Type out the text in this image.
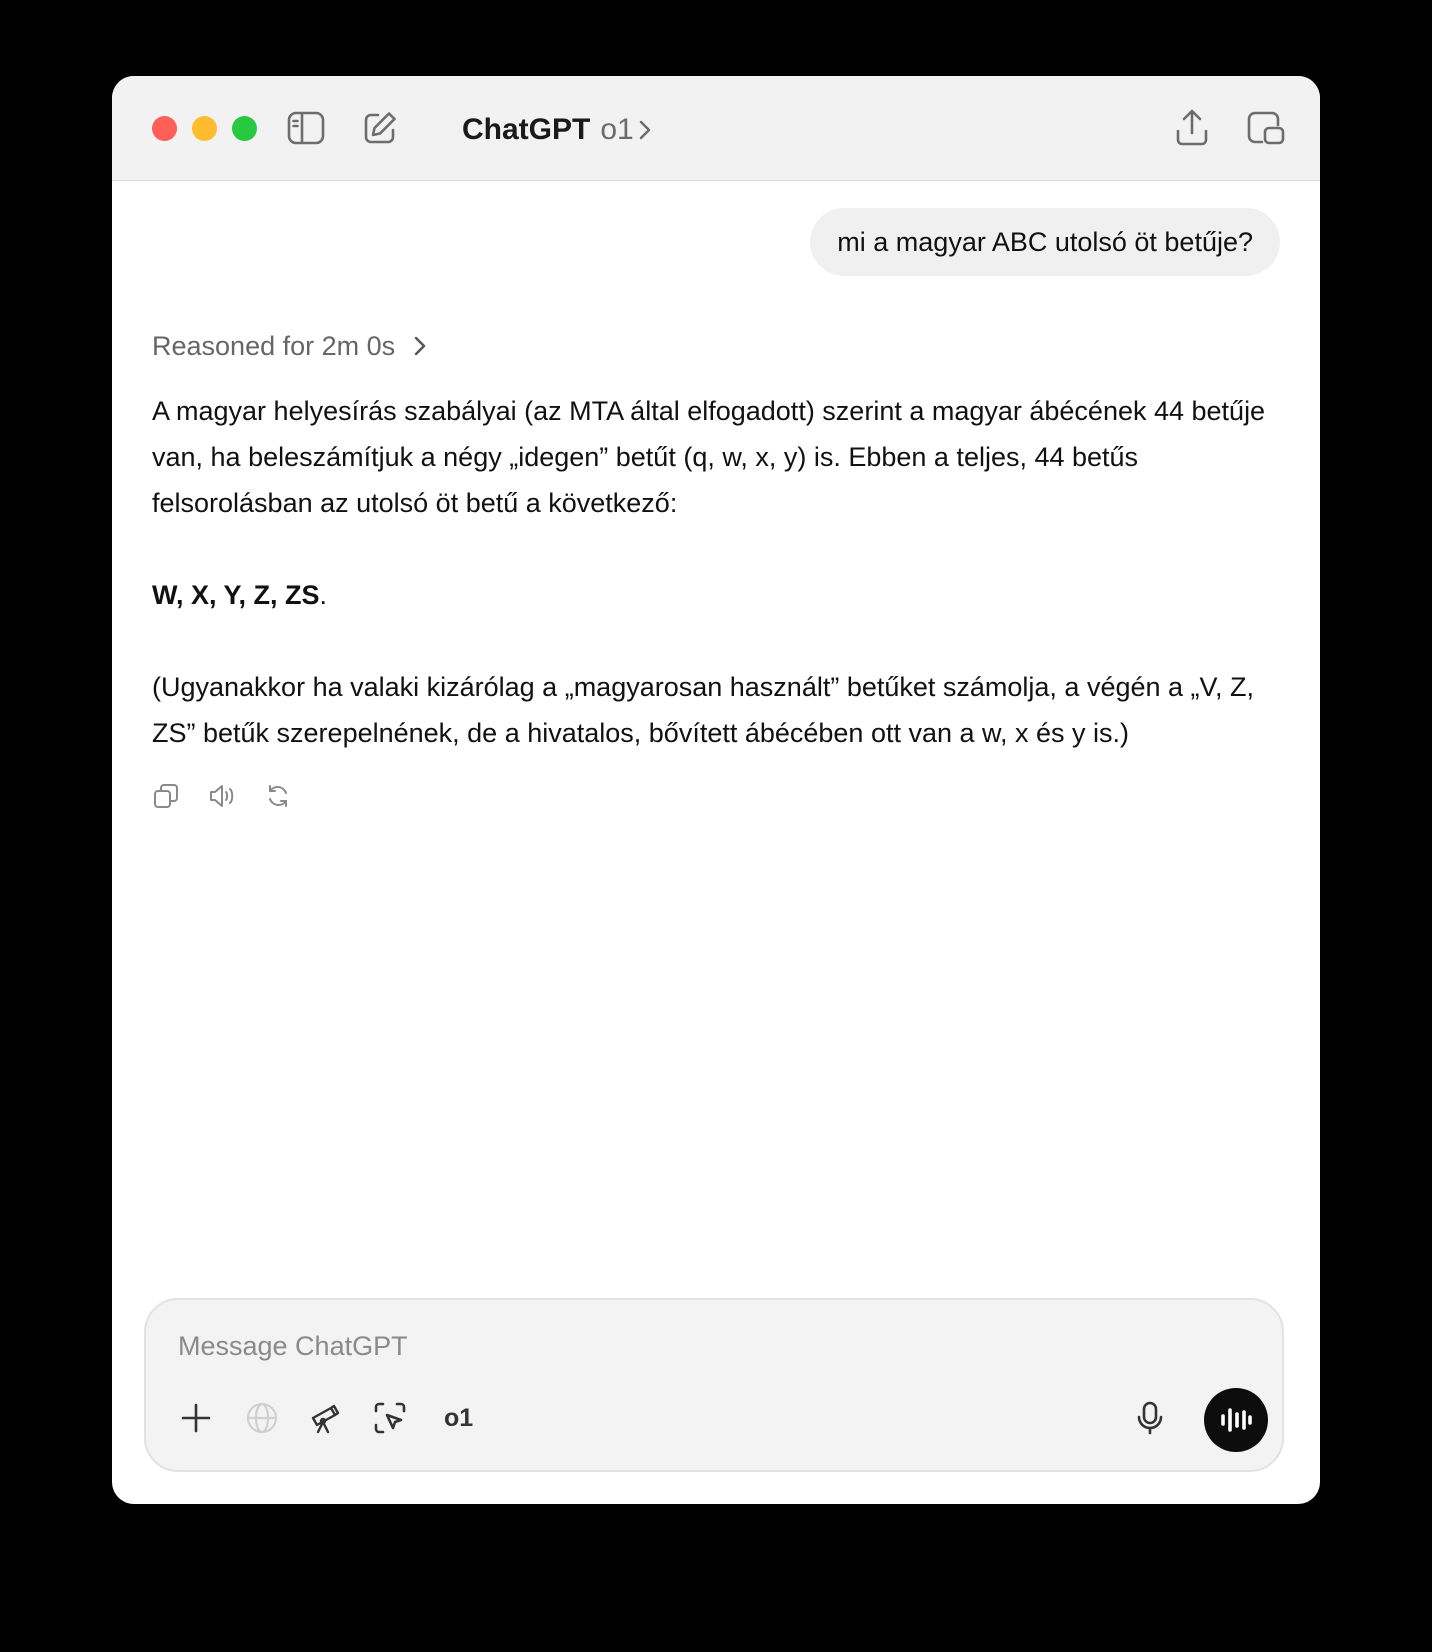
ChatGPT o1
mi a magyar ABC utolsó öt betűje?
Reasoned for 2m 0s

A magyar helyesírás szabályai (az MTA által elfogadott) szerint a magyar ábécének 44 betűje van, ha beleszámítjuk a négy „idegen” betűt (q, w, x, y) is. Ebben a teljes, 44 betűs felsorolásban az utolsó öt betű a következő:

W, X, Y, Z, ZS.

(Ugyanakkor ha valaki kizárólag a „magyarosan használt” betűket számolja, a végén a „V, Z, ZS” betűk szerepelnének, de a hivatalos, bővített ábécében ott van a w, x és y is.)

Message ChatGPT
o1
